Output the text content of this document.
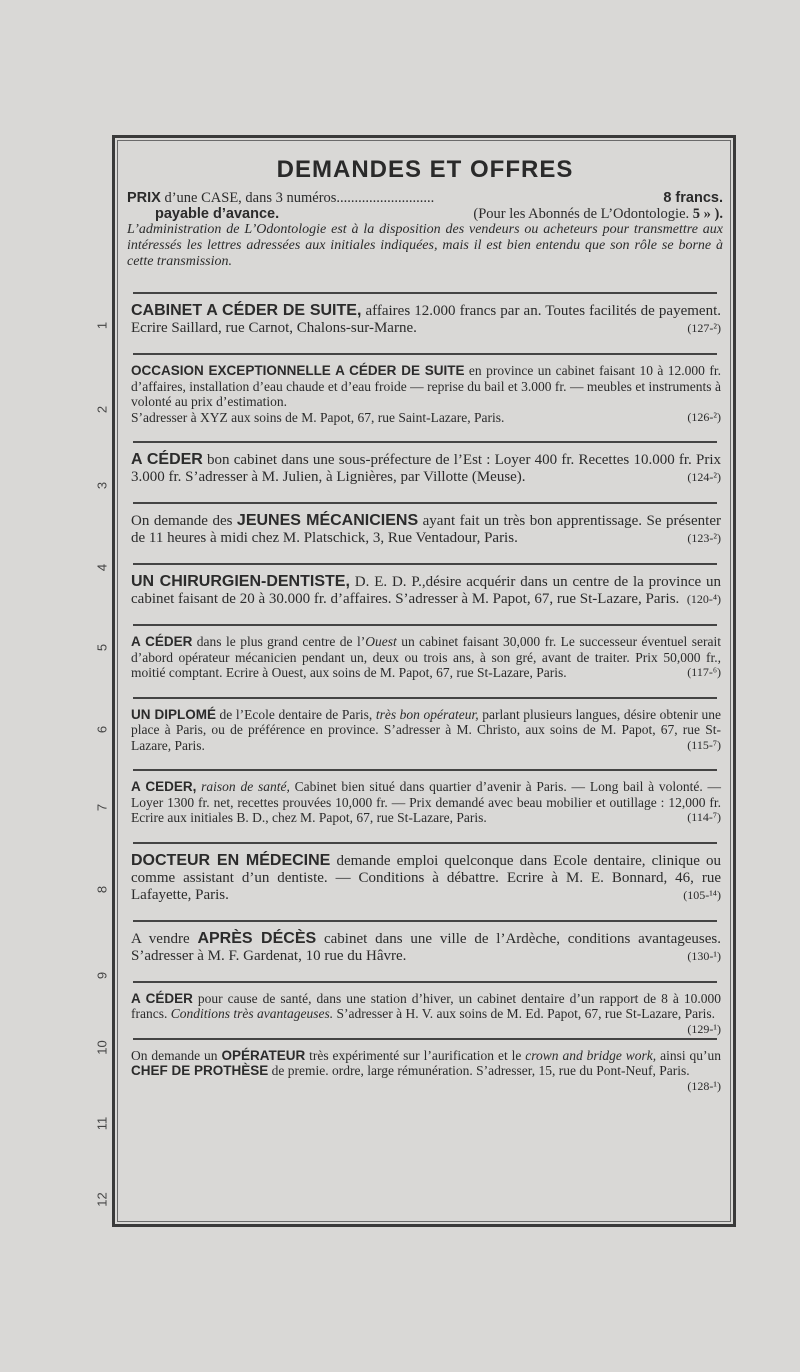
DEMANDES ET OFFRES
PRIX d’une CASE, dans 3 numéros...........................	8 francs.
payable d’avance.	(Pour les Abonnés de L’Odontologie. 5 » ).
L’administration de L’Odontologie est à la disposition des vendeurs ou acheteurs pour transmettre aux intéressés les lettres adressées aux initiales indiquées, mais il est bien entendu que son rôle se borne à cette transmission.
CABINET A CÉDER DE SUITE, affaires 12.000 francs par an. Toutes facilités de payement. Ecrire Saillard, rue Carnot, Chalons-sur-Marne.	(127-²)
OCCASION EXCEPTIONNELLE A CÉDER DE SUITE en province un cabinet faisant 10 à 12.000 fr. d’affaires, installation d’eau chaude et d’eau froide — reprise du bail et 3.000 fr. — meubles et instruments à volonté au prix d’estimation.
S’adresser à XYZ aux soins de M. Papot, 67, rue Saint-Lazare, Paris.	(126-²)
A CÉDER bon cabinet dans une sous-préfecture de l’Est : Loyer 400 fr. Recettes 10.000 fr. Prix 3.000 fr. S’adresser à M. Julien, à Lignières, par Villotte (Meuse).	(124-²)
On demande des JEUNES MÉCANICIENS ayant fait un très bon apprentissage. Se présenter de 11 heures à midi chez M. Platschick, 3, Rue Ventadour, Paris.	(123-²)
UN CHIRURGIEN-DENTISTE, D. E. D. P.,désire acquérir dans un centre de la province un cabinet faisant de 20 à 30.000 fr. d’affaires. S’adresser à M. Papot, 67, rue St-Lazare, Paris. (120-⁴)
A CÉDER dans le plus grand centre de l’Ouest un cabinet faisant 30,000 fr. Le successeur éventuel serait d’abord opérateur mécanicien pendant un, deux ou trois ans, à son gré, avant de traiter. Prix 50,000 fr., moitié comptant. Ecrire à Ouest, aux soins de M. Papot, 67, rue St-Lazare, Paris.	(117-⁶)
UN DIPLOMÉ de l’Ecole dentaire de Paris, très bon opérateur, parlant plusieurs langues, désire obtenir une place à Paris, ou de préférence en province. S’adresser à M. Christo, aux soins de M. Papot, 67, rue St-Lazare, Paris.	(115-⁷)
A CEDER, raison de santé, Cabinet bien situé dans quartier d’avenir à Paris. — Long bail à volonté. — Loyer 1300 fr. net, recettes prouvées 10,000 fr. — Prix demandé avec beau mobilier et outillage : 12,000 fr. Ecrire aux initiales B. D., chez M. Papot, 67, rue St-Lazare, Paris.	(114-⁷)
DOCTEUR EN MÉDECINE demande emploi quelconque dans Ecole dentaire, clinique ou comme assistant d’un dentiste. — Conditions à débattre. Ecrire à M. E. Bonnard, 46, rue Lafayette, Paris.	(105-¹⁴)
A vendre APRÈS DÉCÈS cabinet dans une ville de l’Ardèche, conditions avantageuses. S’adresser à M. F. Gardenat, 10 rue du Hâvre.	(130-¹)
A CÉDER pour cause de santé, dans une station d’hiver, un cabinet dentaire d’un rapport de 8 à 10.000 francs. Conditions très avantageuses. S’adresser à H. V. aux soins de M. Ed. Papot, 67, rue St-Lazare, Paris.
(129-¹)
On demande un OPÉRATEUR très expérimenté sur l’aurification et le crown and bridge work, ainsi qu’un CHEF DE PROTHÈSE de premie. ordre, large rémunération. S’adresser, 15, rue du Pont-Neuf, Paris.
(128-¹)
1
2
3
4
5
6
7
8
9
10
11
12
